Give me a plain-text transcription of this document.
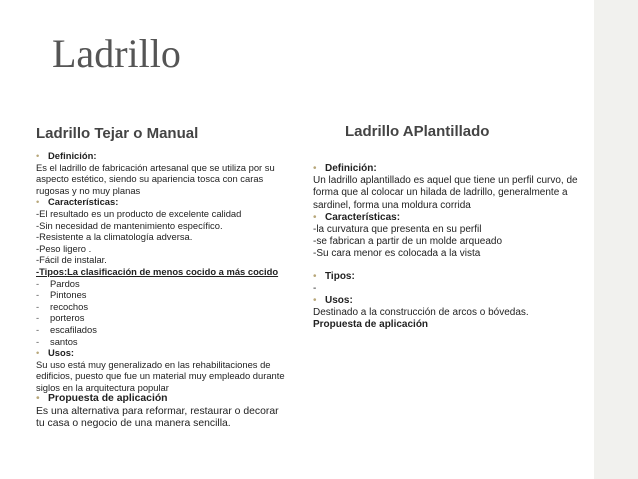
Ladrillo
Ladrillo Tejar o Manual	Ladrillo APlantillado
• Definición:
Es el ladrillo de fabricación artesanal que se utiliza por su aspecto estético, siendo su apariencia tosca con caras rugosas y no muy planas
• Características:
-El resultado es un producto de excelente calidad
-Sin necesidad de mantenimiento específico.
-Resistente a la climatología adversa.
-Peso ligero .
-Fácil de instalar.
-Tipos:La clasificación de menos cocido a más cocido
-	Pardos
-	Pintones
-	recochos
-	porteros
-	escafilados
-	santos
• Usos:
Su uso está muy generalizado en las rehabilitaciones de edificios, puesto que fue un material muy empleado durante siglos en la arquitectura popular
• Propuesta de aplicación
Es una alternativa para reformar, restaurar o decorar tu casa o negocio de una manera sencilla.
• Definición:
Un ladrillo aplantillado es aquel que tiene un perfil curvo, de forma que al colocar un hilada de ladrillo, generalmente a sardinel, forma una moldura corrida
• Características:
-la curvatura que presenta en su perfil
-se fabrican a partir de un molde arqueado
-Su cara menor es colocada a la vista
• Tipos:
-
• Usos:
Destinado a la construcción de arcos o bóvedas.
Propuesta de aplicación
